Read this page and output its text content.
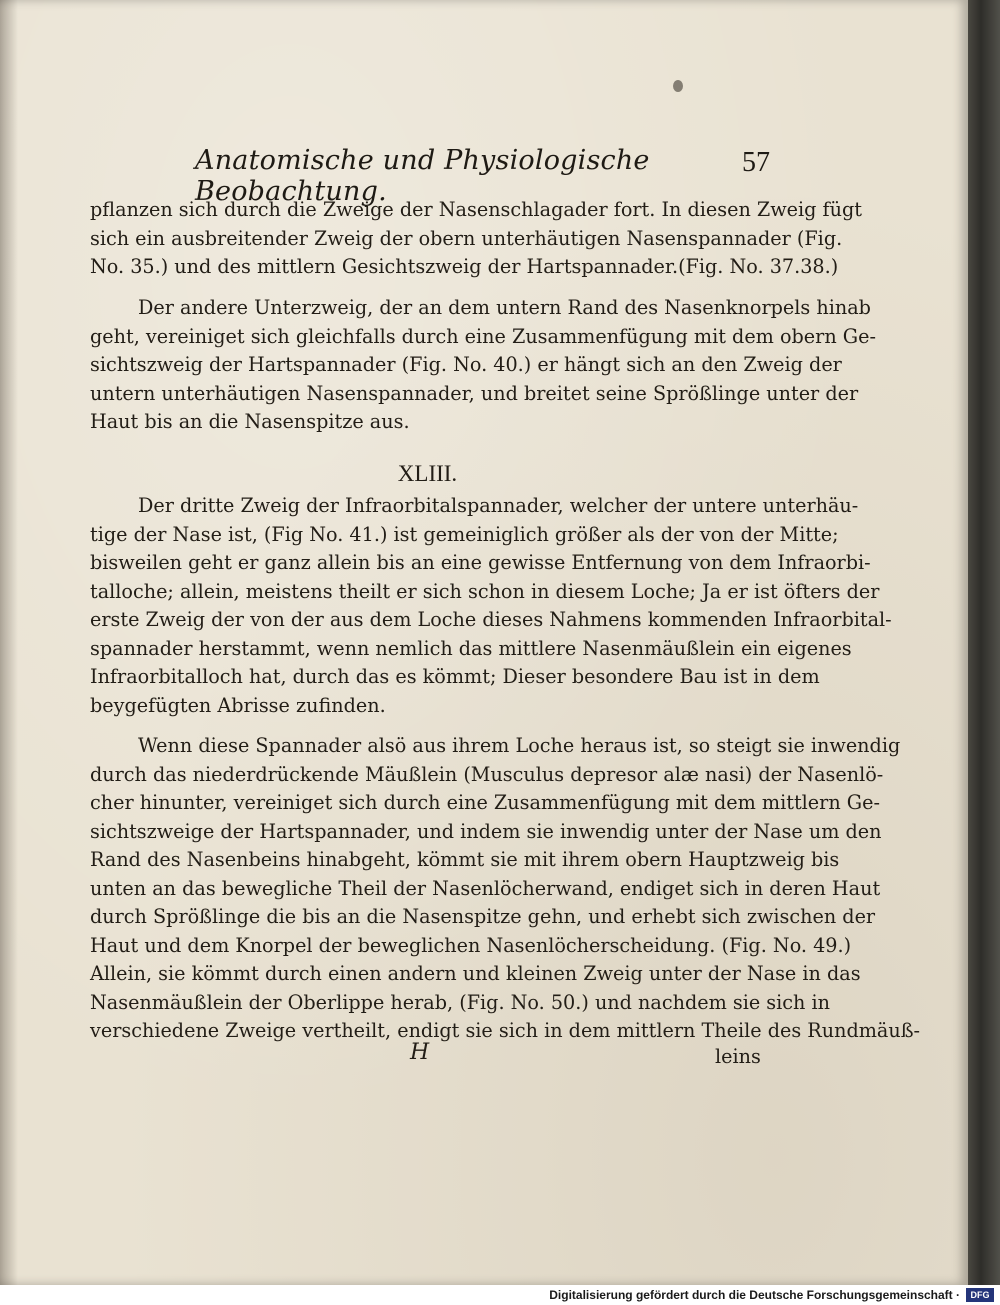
Anatomische und Physiologische Beobachtung.
57
pflanzen sich durch die Zweige der Nasenschlagader fort. In diesen Zweig fügt
sich ein ausbreitender Zweig der obern unterhäutigen Nasenspannader (Fig.
No. 35.) und des mittlern Gesichtszweig der Hartspannader.(Fig. No. 37.38.)
Der andere Unterzweig, der an dem untern Rand des Nasenknorpels hinab
geht, vereiniget sich gleichfalls durch eine Zusammenfügung mit dem obern Ge-
sichtszweig der Hartspannader (Fig. No. 40.) er hängt sich an den Zweig der
untern unterhäutigen Nasenspannader, und breitet seine Sprößlinge unter der
Haut bis an die Nasenspitze aus.
XLIII.
Der dritte Zweig der Infraorbitalspannader, welcher der untere unterhäu-
tige der Nase ist, (Fig No. 41.) ist gemeiniglich größer als der von der Mitte;
bisweilen geht er ganz allein bis an eine gewisse Entfernung von dem Infraorbi-
talloche; allein, meistens theilt er sich schon in diesem Loche; Ja er ist öfters der
erste Zweig der von der aus dem Loche dieses Nahmens kommenden Infraorbital-
spannader herstammt, wenn nemlich das mittlere Nasenmäußlein ein eigenes
Infraorbitalloch hat, durch das es kömmt; Dieser besondere Bau ist in dem
beygefügten Abrisse zufinden.
Wenn diese Spannader alsö aus ihrem Loche heraus ist, so steigt sie inwendig
durch das niederdrückende Mäußlein (Musculus depresor alæ nasi) der Nasenlö-
cher hinunter, vereiniget sich durch eine Zusammenfügung mit dem mittlern Ge-
sichtszweige der Hartspannader, und indem sie inwendig unter der Nase um den
Rand des Nasenbeins hinabgeht, kömmt sie mit ihrem obern Hauptzweig bis
unten an das bewegliche Theil der Nasenlöcherwand, endiget sich in deren Haut
durch Sprößlinge die bis an die Nasenspitze gehn, und erhebt sich zwischen der
Haut und dem Knorpel der beweglichen Nasenlöcherscheidung. (Fig. No. 49.)
Allein, sie kömmt durch einen andern und kleinen Zweig unter der Nase in das
Nasenmäußlein der Oberlippe herab, (Fig. No. 50.) und nachdem sie sich in
verschiedene Zweige vertheilt, endigt sie sich in dem mittlern Theile des Rundmäuß-
H	leins
Digitalisierung gefördert durch die Deutsche Forschungsgemeinschaft ·	DFG
